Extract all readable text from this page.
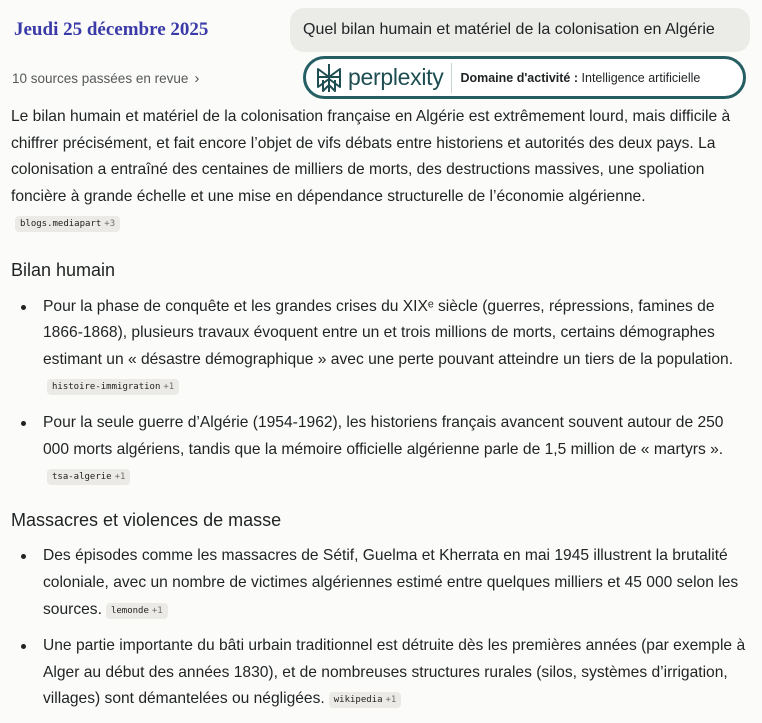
Jeudi 25 décembre 2025	Quel bilan humain et matériel de la colonisation en Algérie
10 sources passées en revue ›	perplexity Domaine d'activité : Intelligence artificielle

Le bilan humain et matériel de la colonisation française en Algérie est extrêmement lourd, mais difficile à chiffrer précisément, et fait encore l’objet de vifs débats entre historiens et autorités des deux pays. La colonisation a entraîné des centaines de milliers de morts, des destructions massives, une spoliation foncière à grande échelle et une mise en dépendance structurelle de l’économie algérienne.blogs.mediapart +3

Bilan humain
Pour la phase de conquête et les grandes crises du XIXᵉ siècle (guerres, répressions, famines de 1866-1868), plusieurs travaux évoquent entre un et trois millions de morts, certains démographes estimant un « désastre démographique » avec une perte pouvant atteindre un tiers de la population.histoire-immigration +1
Pour la seule guerre d’Algérie (1954-1962), les historiens français avancent souvent autour de 250 000 morts algériens, tandis que la mémoire officielle algérienne parle de 1,5 million de « martyrs ».tsa-algerie +1
Massacres et violences de masse
Des épisodes comme les massacres de Sétif, Guelma et Kherrata en mai 1945 illustrent la brutalité coloniale, avec un nombre de victimes algériennes estimé entre quelques milliers et 45 000 selon les sources. lemonde +1
Une partie importante du bâti urbain traditionnel est détruite dès les premières années (par exemple à Alger au début des années 1830), et de nombreuses structures rurales (silos, systèmes d’irrigation, villages) sont démantelées ou négligées. wikipedia +1
